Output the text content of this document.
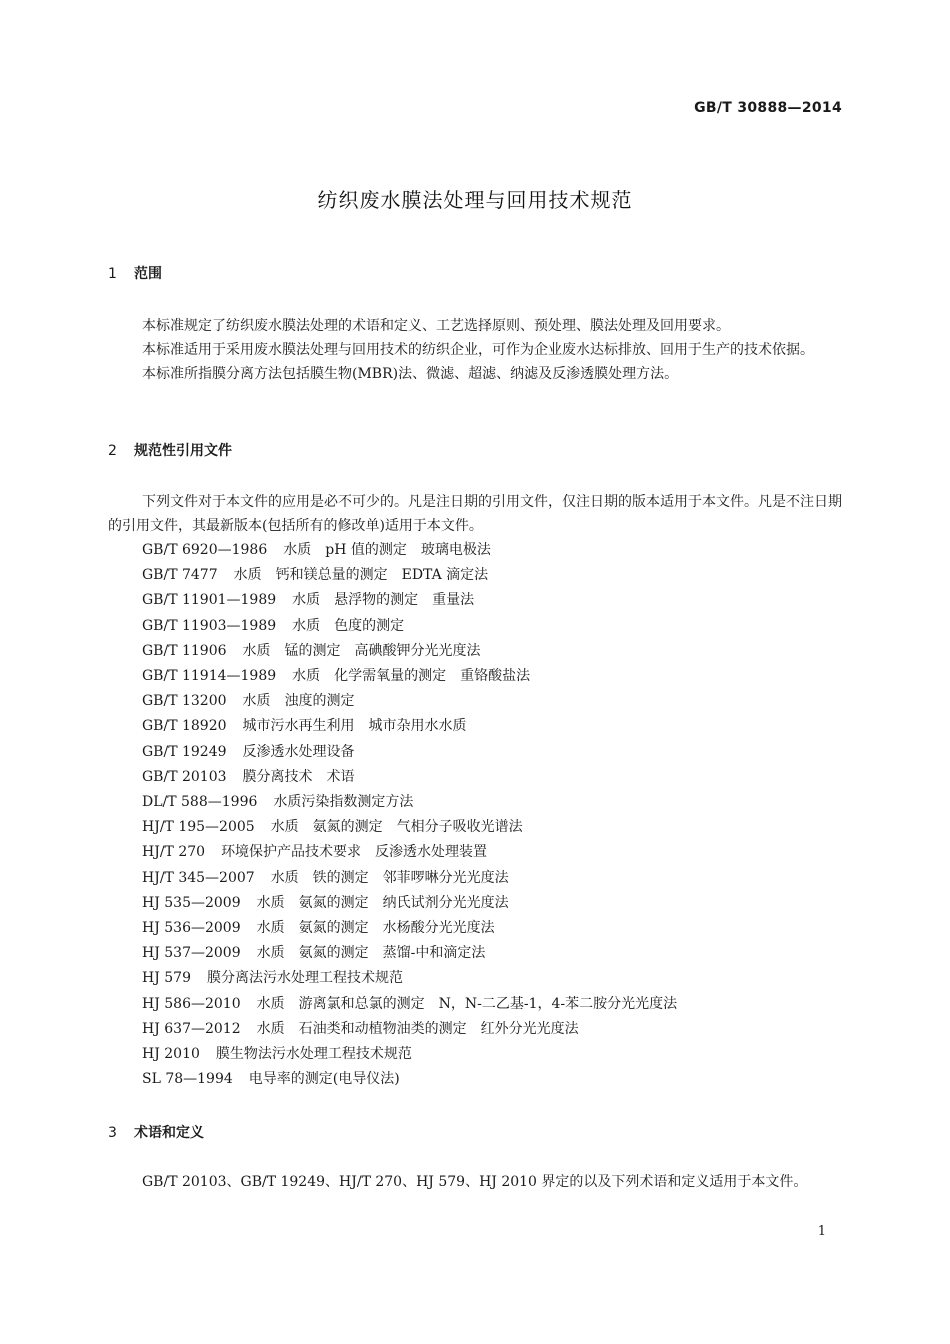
GB/T 30888—2014
纺织废水膜法处理与回用技术规范
1 范围

本标准规定了纺织废水膜法处理的术语和定义、工艺选择原则、预处理、膜法处理及回用要求。

本标准适用于采用废水膜法处理与回用技术的纺织企业，可作为企业废水达标排放、回用于生产的技术依据。

本标准所指膜分离方法包括膜生物(MBR)法、微滤、超滤、纳滤及反渗透膜处理方法。

2 规范性引用文件

下列文件对于本文件的应用是必不可少的。凡是注日期的引用文件，仅注日期的版本适用于本文件。凡是不注日期的引用文件，其最新版本(包括所有的修改单)适用于本文件。

GB/T 6920—1986 水质　pH 值的测定　玻璃电极法
GB/T 7477 水质　钙和镁总量的测定　EDTA 滴定法
GB/T 11901—1989 水质　悬浮物的测定　重量法
GB/T 11903—1989 水质　色度的测定
GB/T 11906 水质　锰的测定　高碘酸钾分光光度法
GB/T 11914—1989 水质　化学需氧量的测定　重铬酸盐法
GB/T 13200 水质　浊度的测定
GB/T 18920 城市污水再生利用　城市杂用水水质
GB/T 19249 反渗透水处理设备
GB/T 20103 膜分离技术　术语
DL/T 588—1996 水质污染指数测定方法
HJ/T 195—2005 水质　氨氮的测定　气相分子吸收光谱法
HJ/T 270 环境保护产品技术要求　反渗透水处理装置
HJ/T 345—2007 水质　铁的测定　邻菲啰啉分光光度法
HJ 535—2009 水质　氨氮的测定　纳氏试剂分光光度法
HJ 536—2009 水质　氨氮的测定　水杨酸分光光度法
HJ 537—2009 水质　氨氮的测定　蒸馏-中和滴定法
HJ 579 膜分离法污水处理工程技术规范
HJ 586—2010 水质　游离氯和总氯的测定　N，N-二乙基-1，4-苯二胺分光光度法
HJ 637—2012 水质　石油类和动植物油类的测定　红外分光光度法
HJ 2010 膜生物法污水处理工程技术规范
SL 78—1994 电导率的测定(电导仪法)
3 术语和定义

GB/T 20103、GB/T 19249、HJ/T 270、HJ 579、HJ 2010 界定的以及下列术语和定义适用于本文件。

1
